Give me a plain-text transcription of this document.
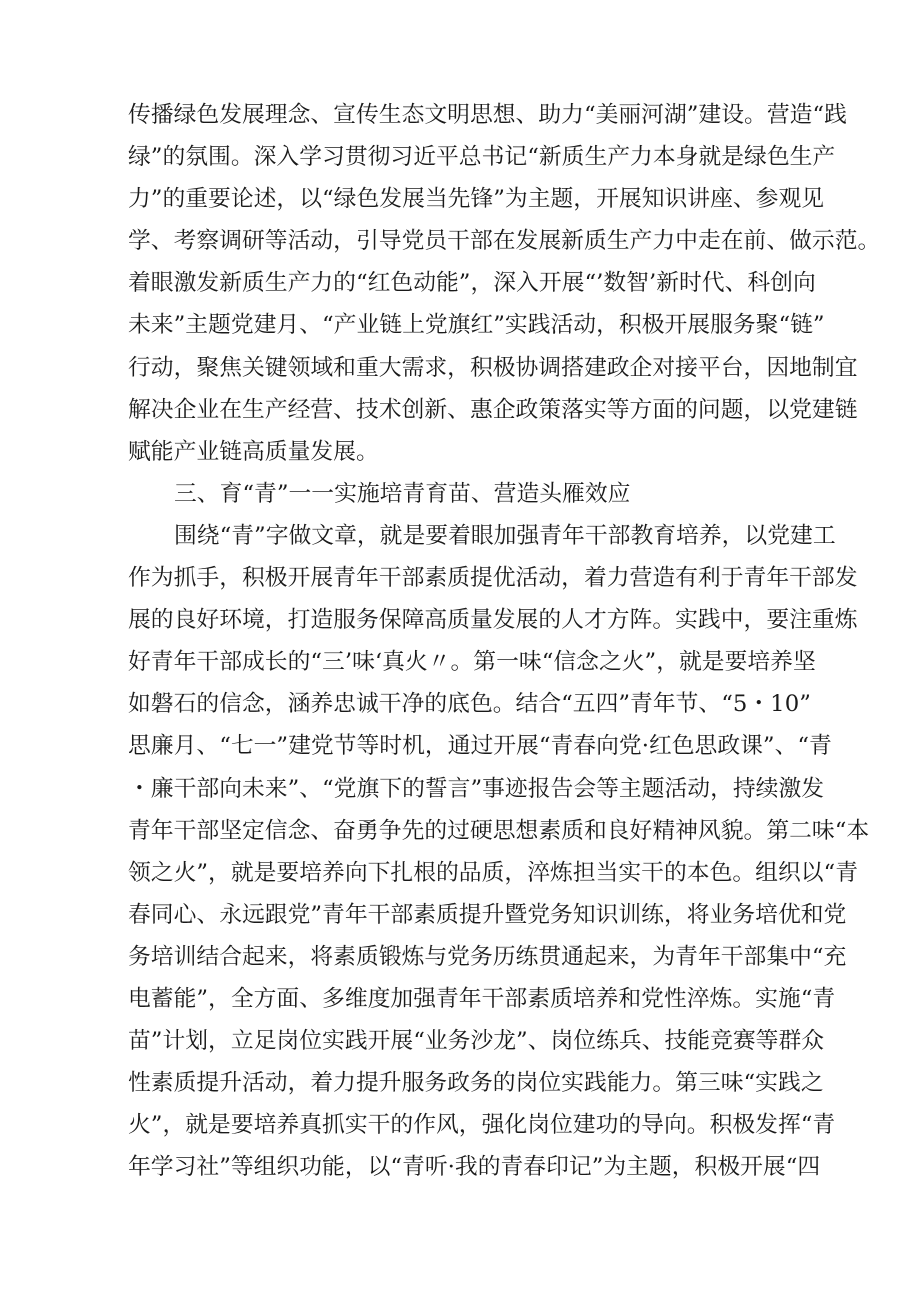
传播绿色发展理念、宣传生态文明思想、助力“美丽河湖”建设。营造“践
绿”的氛围。深入学习贯彻习近平总书记“新质生产力本身就是绿色生产
力”的重要论述，以“绿色发展当先锋”为主题，开展知识讲座、参观见
学、考察调研等活动，引导党员干部在发展新质生产力中走在前、做示范。
着眼激发新质生产力的“红色动能”，深入开展“’数智’新时代、科创向
未来”主题党建月、“产业链上党旗红”实践活动，积极开展服务聚“链”
行动，聚焦关键领域和重大需求，积极协调搭建政企对接平台，因地制宜
解决企业在生产经营、技术创新、惠企政策落实等方面的问题，以党建链
赋能产业链高质量发展。
三、育“青”一一实施培青育苗、营造头雁效应
围绕“青”字做文章，就是要着眼加强青年干部教育培养，以党建工
作为抓手，积极开展青年干部素质提优活动，着力营造有利于青年干部发
展的良好环境，打造服务保障高质量发展的人才方阵。实践中，要注重炼
好青年干部成长的“三’味‘真火〃。第一味“信念之火”，就是要培养坚
如磐石的信念，涵养忠诚干净的底色。结合“五四”青年节、“5・10”
思廉月、“七一”建党节等时机，通过开展“青春向党·红色思政课”、“青
・廉干部向未来”、“党旗下的誓言”事迹报告会等主题活动，持续激发
青年干部坚定信念、奋勇争先的过硬思想素质和良好精神风貌。第二味“本
领之火”，就是要培养向下扎根的品质，淬炼担当实干的本色。组织以“青
春同心、永远跟党”青年干部素质提升暨党务知识训练，将业务培优和党
务培训结合起来，将素质锻炼与党务历练贯通起来，为青年干部集中“充
电蓄能”，全方面、多维度加强青年干部素质培养和党性淬炼。实施“青
苗”计划，立足岗位实践开展“业务沙龙”、岗位练兵、技能竞赛等群众
性素质提升活动，着力提升服务政务的岗位实践能力。第三味“实践之
火”，就是要培养真抓实干的作风，强化岗位建功的导向。积极发挥“青
年学习社”等组织功能，以“青听·我的青春印记”为主题，积极开展“四
